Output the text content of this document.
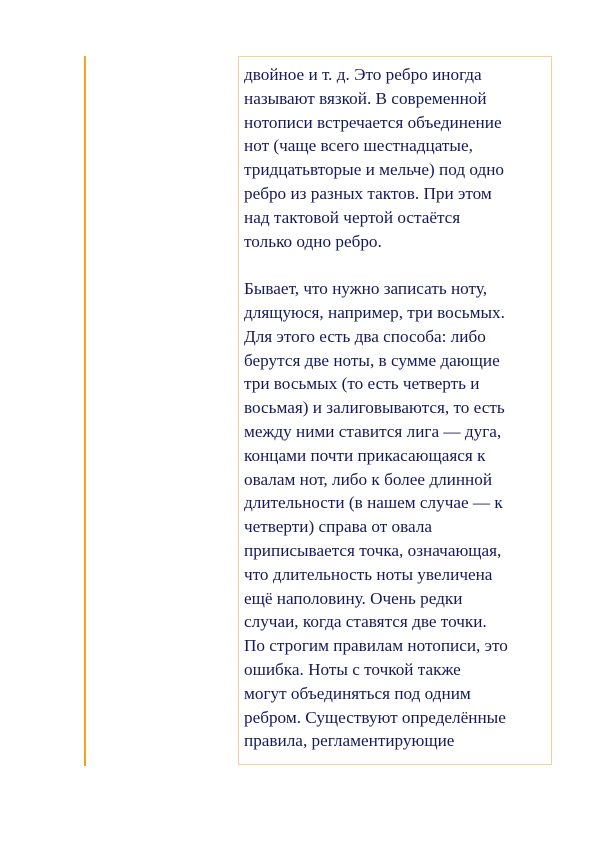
двойное и т. д. Это ребро иногда
называют вязкой. В современной
нотописи встречается объединение
нот (чаще всего шестнадцатые,
тридцатьвторые и мельче) под одно
ребро из разных тактов. При этом
над тактовой чертой остаётся
только одно ребро.

Бывает, что нужно записать ноту,
длящуюся, например, три восьмых.
Для этого есть два способа: либо
берутся две ноты, в сумме дающие
три восьмых (то есть четверть и
восьмая) и залиговываются, то есть
между ними ставится лига — дуга,
концами почти прикасающаяся к
овалам нот, либо к более длинной
длительности (в нашем случае — к
четверти) справа от овала
приписывается точка, означающая,
что длительность ноты увеличена
ещё наполовину. Очень редки
случаи, когда ставятся две точки.
По строгим правилам нотописи, это
ошибка. Ноты с точкой также
могут объединяться под одним
ребром. Существуют определённые
правила, регламентирующие
